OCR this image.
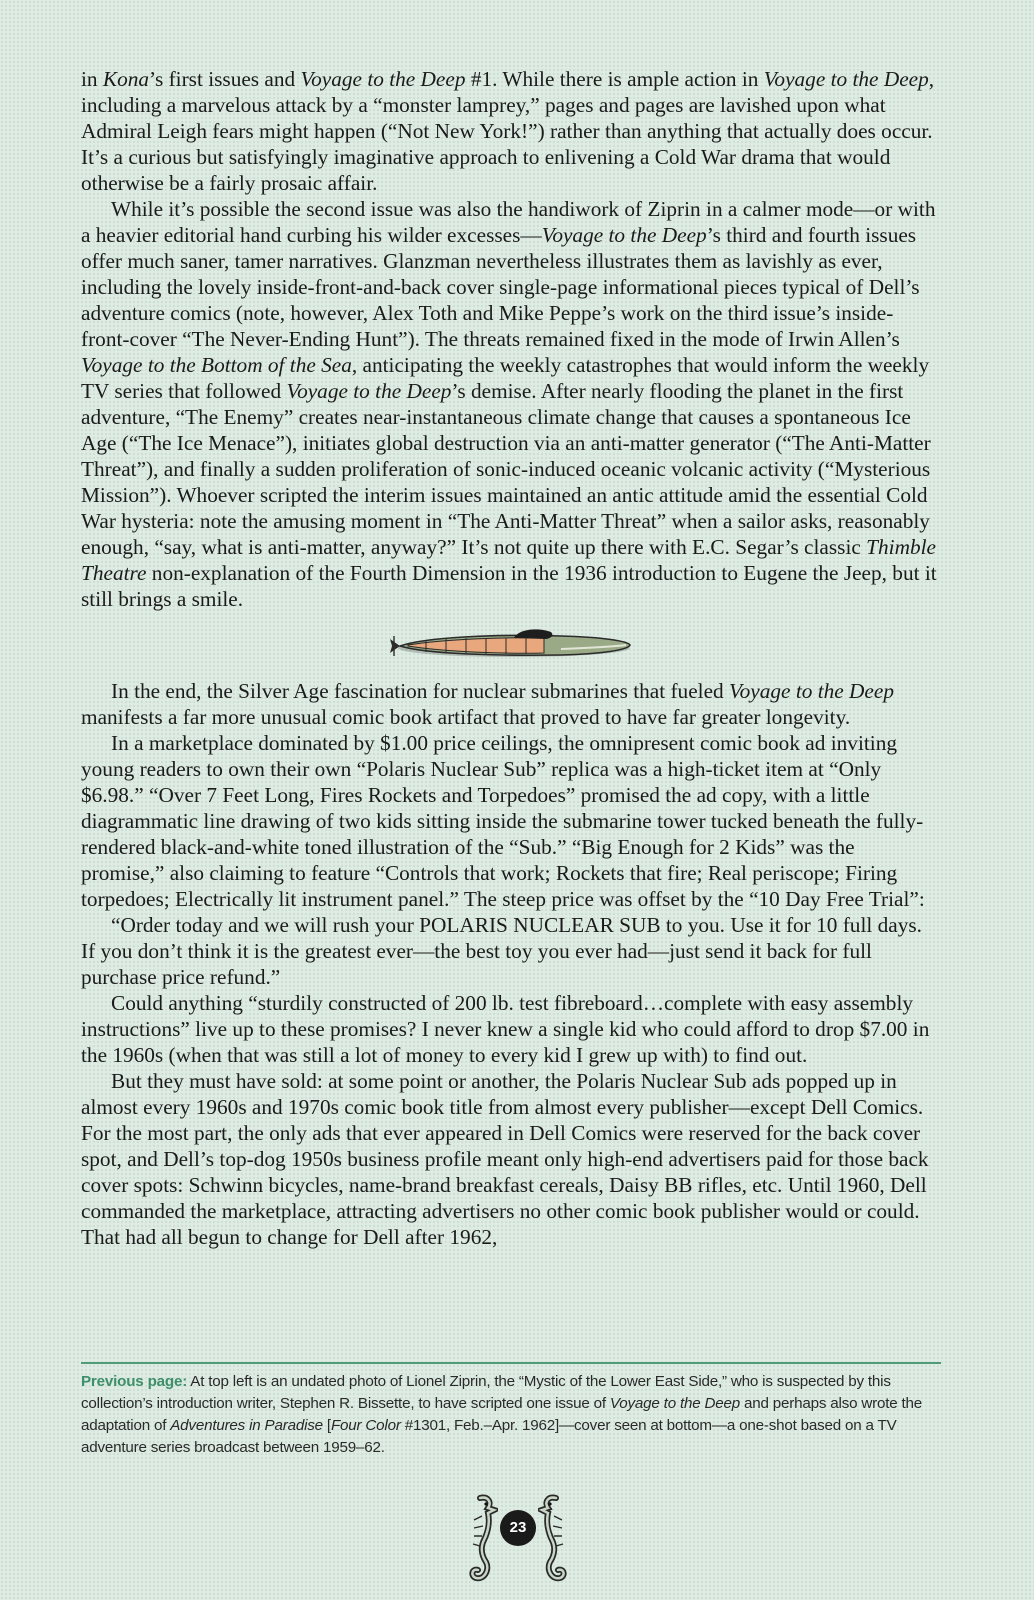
in Kona’s first issues and Voyage to the Deep #1. While there is ample action in Voyage to the Deep, including a marvelous attack by a “monster lamprey,” pages and pages are lavished upon what Admiral Leigh fears might happen (“Not New York!”) rather than anything that actually does occur. It’s a curious but satisfyingly imaginative approach to enlivening a Cold War drama that would otherwise be a fairly prosaic affair.

While it’s possible the second issue was also the handiwork of Ziprin in a calmer mode—or with a heavier editorial hand curbing his wilder excesses—Voyage to the Deep’s third and fourth issues offer much saner, tamer narratives. Glanzman nevertheless illustrates them as lavishly as ever, including the lovely inside-front-and-back cover single-page informational pieces typical of Dell’s adventure comics (note, however, Alex Toth and Mike Peppe’s work on the third issue’s inside-front-cover “The Never-Ending Hunt”). The threats remained fixed in the mode of Irwin Allen’s Voyage to the Bottom of the Sea, anticipating the weekly catastrophes that would inform the weekly TV series that followed Voyage to the Deep’s demise. After nearly flooding the planet in the first adventure, “The Enemy” creates near-instantaneous climate change that causes a spontaneous Ice Age (“The Ice Menace”), initiates global destruction via an anti-matter generator (“The Anti-Matter Threat”), and finally a sudden proliferation of sonic-induced oceanic volcanic activity (“Mysterious Mission”). Whoever scripted the interim issues maintained an antic attitude amid the essential Cold War hysteria: note the amusing moment in “The Anti-Matter Threat” when a sailor asks, reasonably enough, “say, what is anti-matter, anyway?” It’s not quite up there with E.C. Segar’s classic Thimble Theatre non-explanation of the Fourth Dimension in the 1936 introduction to Eugene the Jeep, but it still brings a smile.

In the end, the Silver Age fascination for nuclear submarines that fueled Voyage to the Deep manifests a far more unusual comic book artifact that proved to have far greater longevity.

In a marketplace dominated by $1.00 price ceilings, the omnipresent comic book ad inviting young readers to own their own “Polaris Nuclear Sub” replica was a high-ticket item at “Only $6.98.” “Over 7 Feet Long, Fires Rockets and Torpedoes” promised the ad copy, with a little diagrammatic line drawing of two kids sitting inside the submarine tower tucked beneath the fully-rendered black-and-white toned illustration of the “Sub.” “Big Enough for 2 Kids” was the promise,” also claiming to feature “Controls that work; Rockets that fire; Real periscope; Firing torpedoes; Electrically lit instrument panel.” The steep price was offset by the “10 Day Free Trial”:

“Order today and we will rush your POLARIS NUCLEAR SUB to you. Use it for 10 full days. If you don’t think it is the greatest ever—the best toy you ever had—just send it back for full purchase price refund.”

Could anything “sturdily constructed of 200 lb. test fibreboard…complete with easy assembly instructions” live up to these promises? I never knew a single kid who could afford to drop $7.00 in the 1960s (when that was still a lot of money to every kid I grew up with) to find out.

But they must have sold: at some point or another, the Polaris Nuclear Sub ads popped up in almost every 1960s and 1970s comic book title from almost every publisher—except Dell Comics. For the most part, the only ads that ever appeared in Dell Comics were reserved for the back cover spot, and Dell’s top-dog 1950s business profile meant only high-end advertisers paid for those back cover spots: Schwinn bicycles, name-brand breakfast cereals, Daisy BB rifles, etc. Until 1960, Dell commanded the marketplace, attracting advertisers no other comic book publisher would or could. That had all begun to change for Dell after 1962,

Previous page: At top left is an undated photo of Lionel Ziprin, the “Mystic of the Lower East Side,” who is suspected by this collection’s introduction writer, Stephen R. Bissette, to have scripted one issue of Voyage to the Deep and perhaps also wrote the adaptation of Adventures in Paradise [Four Color #1301, Feb.–Apr. 1962]—cover seen at bottom—a one-shot based on a TV adventure series broadcast between 1959–62.
23
